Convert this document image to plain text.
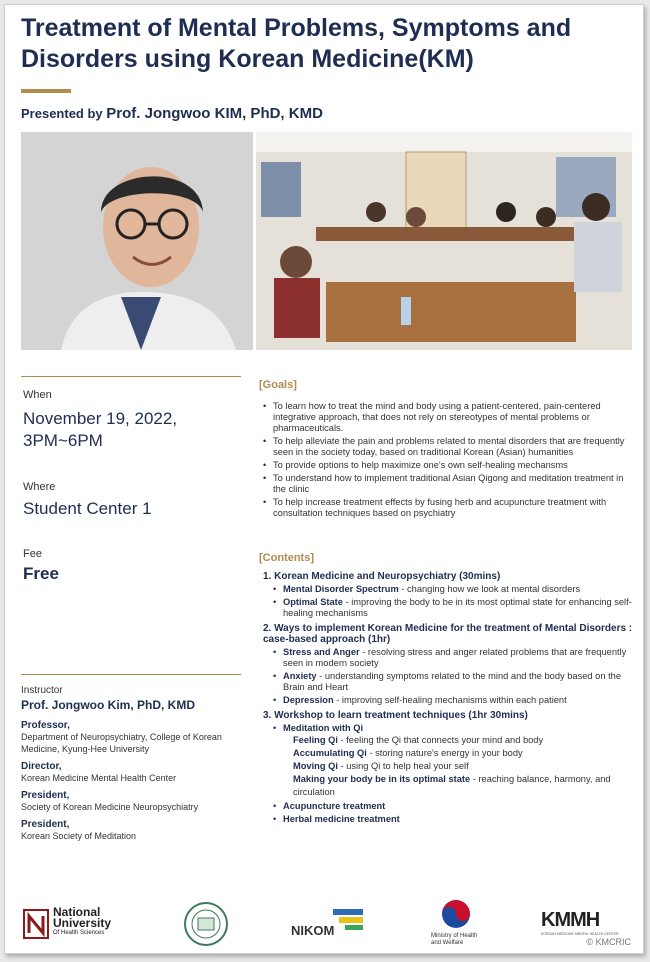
Treatment of Mental Problems, Symptoms and Disorders using Korean Medicine(KM)
Presented by Prof. Jongwoo KIM, PhD, KMD
When
November 19, 2022,
3PM~6PM
Where
Student Center 1
Fee
Free
Instructor
Prof. Jongwoo Kim, PhD, KMD
Professor,
Department of Neuropsychiatry, College of Korean Medicine, Kyung-Hee University
Director,
Korean Medicine Mental Health Center
President,
Society of Korean Medicine Neuropsychiatry
President,
Korean Society of Meditation
[Goals]
• To learn how to treat the mind and body using a patient-centered, pain-centered integrative approach, that does not rely on stereotypes of mental problems or pharmaceuticals.
• To help alleviate the pain and problems related to mental disorders that are frequently seen in the society today, based on traditional Korean (Asian) humanities
• To provide options to help maximize one's own self-healing mechansms
• To understand how to implement traditional Asian Qigong and meditation treatment in the clinic
• To help increase treatment effects by fusing herb and acupuncture treatment with consultation techniques based on psychiatry
[Contents]
1. Korean Medicine and Neuropsychiatry (30mins)
• Mental Disorder Spectrum - changing how we look at mental disorders
• Optimal State - improving the body to be in its most optimal state for enhancing self-healing mechanisms
2. Ways to implement Korean Medicine for the treatment of Mental Disorders : case-based approach (1hr)
• Stress and Anger - resolving stress and anger related problems that are frequently seen in modern society
• Anxiety - understanding symptoms related to the mind and the body based on the Brain and Heart
• Depression - improving self-healing mechanisms within each patient
3. Workshop to learn treatment techniques (1hr 30mins)
• Meditation with Qi
Feeling Qi - feeling the Qi that connects your mind and body
Accumulating Qi - storing nature's energy in your body
Moving Qi - using Qi to help heal your self
Making your body be in its optimal state - reaching balance, harmony, and circulation
• Acupuncture treatment
• Herbal medicine treatment
National
University
Of Health Sciences	NIKOM	Ministry of Health
and Welfare
KMMH
KOREAN MEDICINE MENTAL HEALTH CENTER
© KMCRIC
